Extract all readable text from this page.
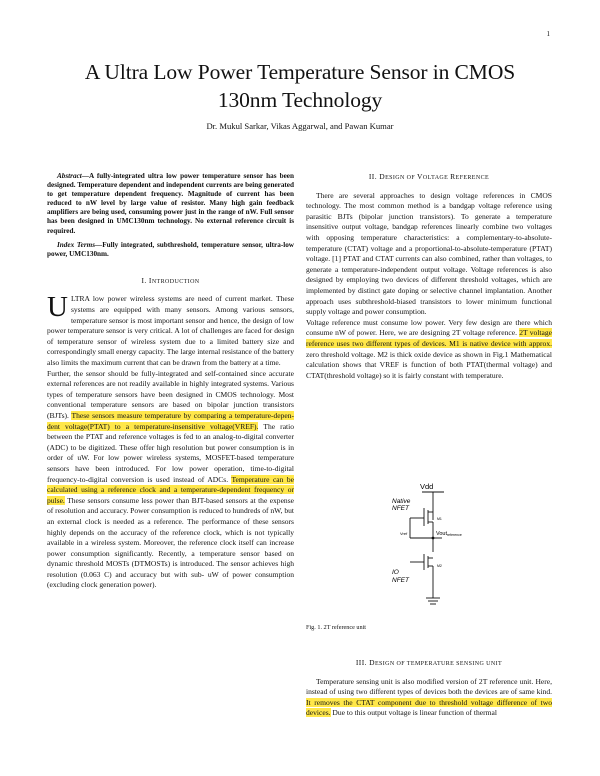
1
A Ultra Low Power Temperature Sensor in CMOS
130nm Technology
Dr. Mukul Sarkar, Vikas Aggarwal, and Pawan Kumar

Abstract—A fully-integrated ultra low power temperature sensor has been designed. Temperature dependent and independent currents are being generated to get temperature dependent frequency. Magnitude of current has been reduced to nW level by large value of resistor. Many high gain feedback amplifiers are being used, consuming power just in the range of nW. Full sensor has been designed in UMC130nm technology. No external reference circuit is required.

Index Terms—Fully integrated, subthreshold, temperature sensor, ultra-low power, UMC130nm.

I. INTRODUCTION

ULTRA low power wireless systems are need of current market. These systems are equipped with many sensors. Among various sensors, temperature sensor is most important sensor and hence, the design of low power temperature sensor is very critical. A lot of challenges are faced for design of temperature sensor of wireless system due to a limited battery size and correspondingly small energy capacity. The large internal resistance of the battery also limits the maximum current that can be drawn from the battery at a time.

Further, the sensor should be fully-integrated and self-contained since accurate external references are not readily available in highly integrated systems. Various types of temperature sensors have been designed in CMOS technology. Most conventional temperature sensors are based on bipolar junction transistors (BJTs). These sensors measure temperature by comparing a temperature-depen- dent voltage(PTAT) to a temperature-insensitive voltage(VREF). The ratio between the PTAT and reference voltages is fed to an analog-to-digital converter (ADC) to be digitized. These offer high resolution but power consumption is in order of uW. For low power wireless systems, MOSFET-based temperature sensors have been introduced. For low power operation, time-to-digital frequency-to-digital conversion is used instead of ADCs. Temperature can be calculated using a reference clock and a temperature-dependent frequency or pulse. These sensors consume less power than BJT-based sensors at the expense of resolution and accuracy. Power consumption is reduced to hundreds of nW, but an external clock is needed as a reference. The performance of these sensors highly depends on the accuracy of the reference clock, which is not typically available in a wireless system. Moreover, the reference clock itself can increase power consumption significantly. Recently, a temperature sensor based on dynamic threshold MOSTs (DTMOSTs) is introduced. The sensor achieves high resolution (0.063 C) and accuracy but with sub- uW of power consumption (excluding clock generation power).

II. DESIGN OF VOLTAGE REFERENCE

There are several approaches to design voltage references in CMOS technology. The most common method is a bandgap voltage reference using parasitic BJTs (bipolar junction transistors). To generate a temperature insensitive output voltage, bandgap references linearly combine two voltages with opposing temperature characteristics: a complementary-to-absolute-temperature (CTAT) voltage and a proportional-to-absolute-temperature (PTAT) voltage. [1] PTAT and CTAT currents can also combined, rather than voltages, to generate a temperature-independent output voltage. Voltage references is also designed by employing two devices of different threshold voltages, which are implemented by distinct gate doping or selective channel implantation. Another approach uses subthreshold-biased transistors to lower minimum functional supply voltage and power consumption.

Voltage reference must consume low power. Very few design are there which consume nW of power. Here, we are designing 2T voltage reference. 2T voltage reference uses two different types of devices. M1 is native device with approx. zero threshold voltage. M2 is thick oxide device as shown in Fig.1 Mathematical calculation shows that VREF is function of both PTAT(thermal voltage) and CTAT(threshold voltage) so it is fairly constant with temperature.

Vdd
Native
NFET
M1
Vref	Voutreference
M2
IO
NFET
Fig. 1. 2T reference unit
III. DESIGN OF TEMPERATURE SENSING UNIT

Temperature sensing unit is also modified version of 2T reference unit. Here, instead of using two different types of devices both the devices are of same kind. It removes the CTAT component due to threshold voltage difference of two devices. Due to this output voltage is linear function of thermal
